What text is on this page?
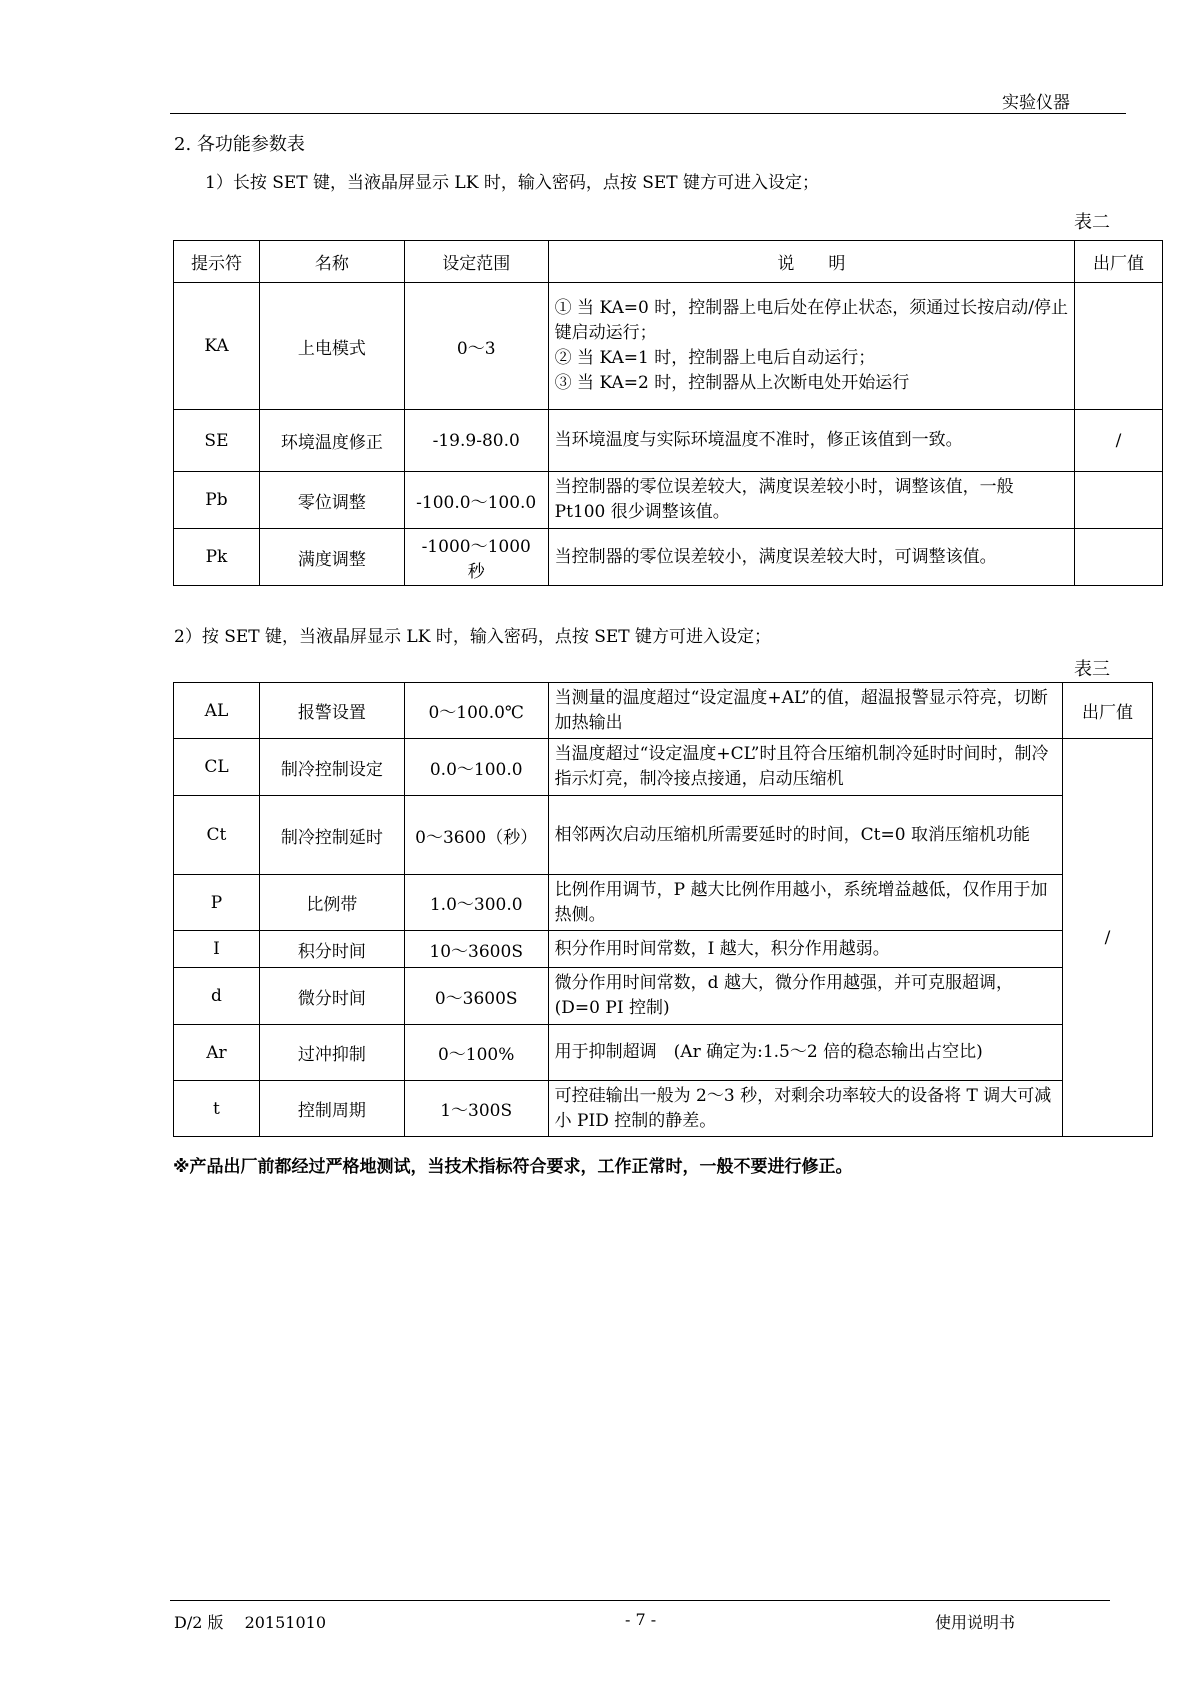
实验仪器
2. 各功能参数表
1）长按 SET 键，当液晶屏显示 LK 时，输入密码，点按 SET 键方可进入设定；
表二
提示符	名称	设定范围	说　　明	出厂值
KA	上电模式	0～3	① 当 KA=0 时，控制器上电后处在停止状态，须通过长按启动/停止键启动运行；
② 当 KA=1 时，控制器上电后自动运行；
③ 当 KA=2 时，控制器从上次断电处开始运行	

SE	环境温度修正	-19.9-80.0	当环境温度与实际环境温度不准时，修正该值到一致。	/
Pb	零位调整	-100.0～100.0	当控制器的零位误差较大，满度误差较小时，调整该值，一般 Pt100 很少调整该值。	
Pk	满度调整	-1000～1000 秒	当控制器的零位误差较小，满度误差较大时，可调整该值。	
2）按 SET 键，当液晶屏显示 LK 时，输入密码，点按 SET 键方可进入设定；
表三
AL	报警设置	0～100.0℃	当测量的温度超过“设定温度+AL”的值，超温报警显示符亮，切断加热输出	出厂值
CL	制冷控制设定	0.0～100.0	当温度超过“设定温度+CL”时且符合压缩机制冷延时时间时，制冷指示灯亮，制冷接点接通，启动压缩机	/
Ct	制冷控制延时	0～3600（秒）	相邻两次启动压缩机所需要延时的时间，Ct=0 取消压缩机功能	
P	比例带	1.0～300.0	比例作用调节，P 越大比例作用越小，系统增益越低，仅作用于加热侧。	
I	积分时间	10～3600S	积分作用时间常数，I 越大，积分作用越弱。	
d	微分时间	0～3600S	微分作用时间常数，d 越大，微分作用越强，并可克服超调，(D=0 PI 控制)	
Ar	过冲抑制	0～100%	用于抑制超调　(Ar 确定为:1.5～2 倍的稳态输出占空比)	
t	控制周期	1～300S	可控硅输出一般为 2～3 秒，对剩余功率较大的设备将 T 调大可减小 PID 控制的静差。	
※产品出厂前都经过严格地测试，当技术指标符合要求，工作正常时，一般不要进行修正。
D/2 版　 20151010	- 7 -	使用说明书
